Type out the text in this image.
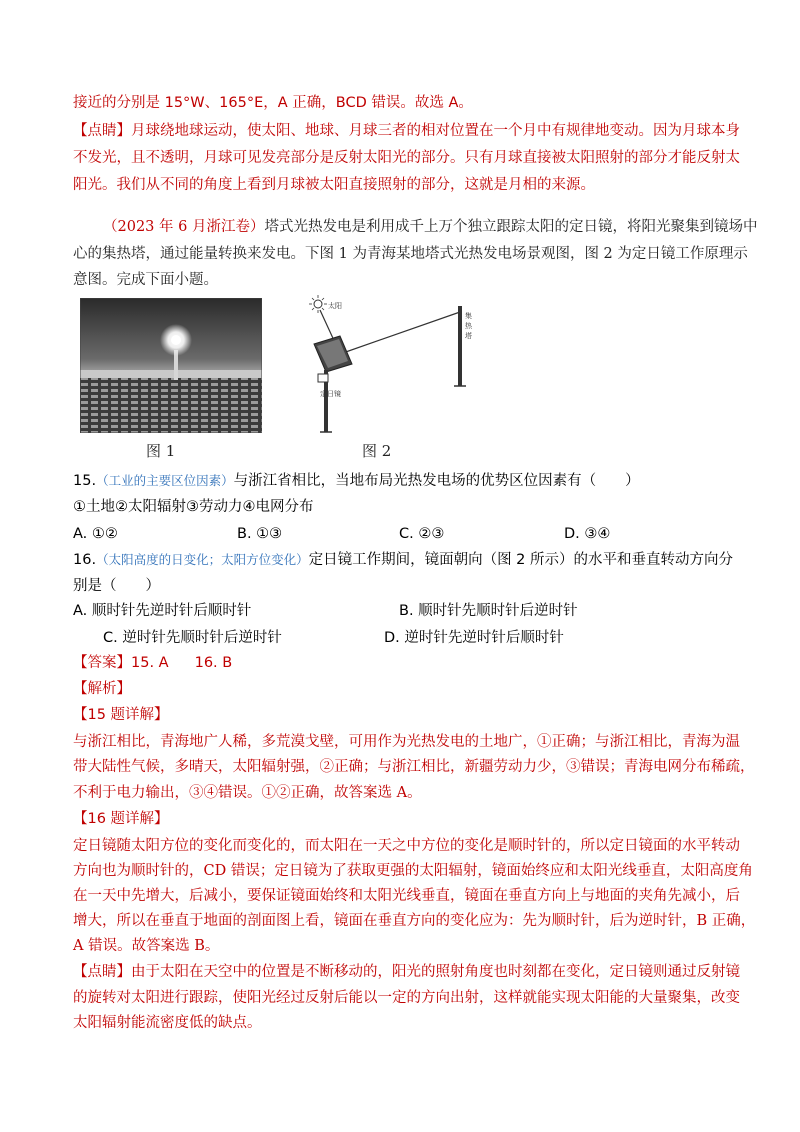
接近的分别是 15°W、165°E，A 正确，BCD 错误。故选 A。
【点睛】月球绕地球运动，使太阳、地球、月球三者的相对位置在一个月中有规律地变动。因为月球本身
不发光，且不透明，月球可见发亮部分是反射太阳光的部分。只有月球直接被太阳照射的部分才能反射太
阳光。我们从不同的角度上看到月球被太阳直接照射的部分，这就是月相的来源。
（2023 年 6 月浙江卷）塔式光热发电是利用成千上万个独立跟踪太阳的定日镜，将阳光聚集到镜场中
心的集热塔，通过能量转换来发电。下图 1 为青海某地塔式光热发电场景观图，图 2 为定日镜工作原理示
意图。完成下面小题。
图 1
太阳
定日镜
集
热
塔
图 2
15.（工业的主要区位因素）与浙江省相比，当地布局光热发电场的优势区位因素有（　　）
①土地②太阳辐射③劳动力④电网分布
A. ①②	B. ①③	C. ②③	D. ③④
16.（太阳高度的日变化；太阳方位变化）定日镜工作期间，镜面朝向（图 2 所示）的水平和垂直转动方向分
别是（　　）
A. 顺时针先逆时针后顺时针	B. 顺时针先顺时针后逆时针
C. 逆时针先顺时针后逆时针	D. 逆时针先逆时针后顺时针
【答案】15. A 16. B
【解析】
【15 题详解】
与浙江相比，青海地广人稀，多荒漠戈壁，可用作为光热发电的土地广，①正确；与浙江相比，青海为温
带大陆性气候，多晴天，太阳辐射强，②正确；与浙江相比，新疆劳动力少，③错误；青海电网分布稀疏，
不利于电力输出，③④错误。①②正确，故答案选 A。
【16 题详解】
定日镜随太阳方位的变化而变化的，而太阳在一天之中方位的变化是顺时针的，所以定日镜面的水平转动
方向也为顺时针的，CD 错误；定日镜为了获取更强的太阳辐射，镜面始终应和太阳光线垂直，太阳高度角
在一天中先增大，后减小，要保证镜面始终和太阳光线垂直，镜面在垂直方向上与地面的夹角先减小，后
增大，所以在垂直于地面的剖面图上看，镜面在垂直方向的变化应为：先为顺时针，后为逆时针，B 正确，
A 错误。故答案选 B。
【点睛】由于太阳在天空中的位置是不断移动的，阳光的照射角度也时刻都在变化，定日镜则通过反射镜
的旋转对太阳进行跟踪，使阳光经过反射后能以一定的方向出射，这样就能实现太阳能的大量聚集，改变
太阳辐射能流密度低的缺点。
